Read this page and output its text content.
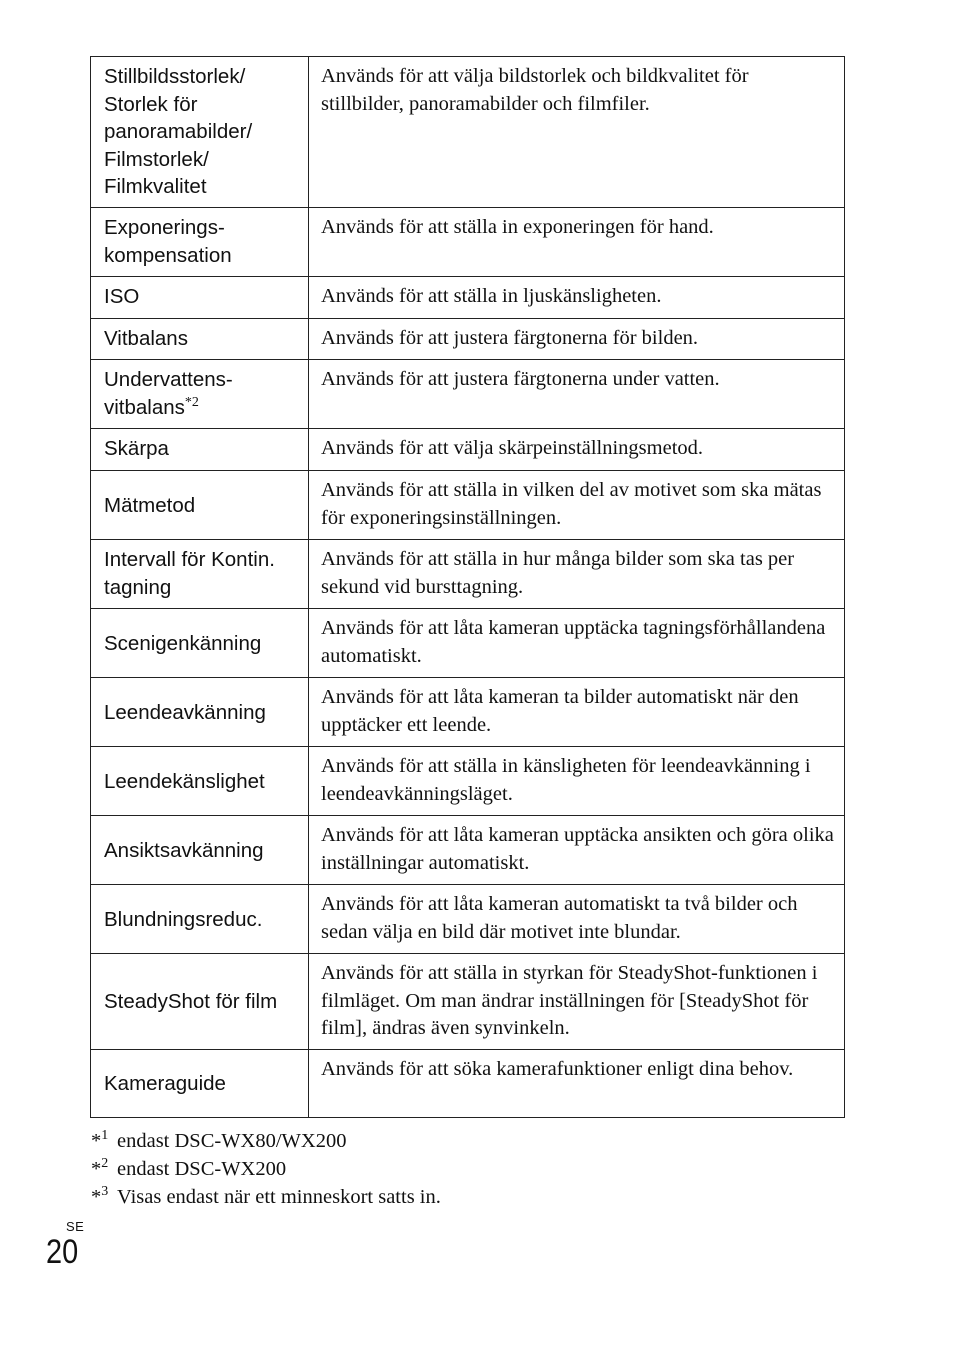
Stillbildsstorlek/
Storlek för
panoramabilder/
Filmstorlek/
Filmkvalitet	Används för att välja bildstorlek och bildkvalitet för stillbilder, panoramabilder och filmfiler.
Exponerings-
kompensation	Används för att ställa in exponeringen för hand.
ISO	Används för att ställa in ljuskänsligheten.
Vitbalans	Används för att justera färgtonerna för bilden.
Undervattens-
vitbalans$^{*2}$	Används för att justera färgtonerna under vatten.
Skärpa	Används för att välja skärpeinställningsmetod.
Mätmetod	Används för att ställa in vilken del av motivet som ska mätas för exponeringsinställningen.
Intervall för Kontin.
tagning	Används för att ställa in hur många bilder som ska tas per sekund vid bursttagning.
Scenigenkänning	Används för att låta kameran upptäcka tagningsförhållandena automatiskt.
Leendeavkänning	Används för att låta kameran ta bilder automatiskt när den upptäcker ett leende.
Leendekänslighet	Används för att ställa in känsligheten för leendeavkänning i leendeavkänningsläget.
Ansiktsavkänning	Används för att låta kameran upptäcka ansikten och göra olika inställningar automatiskt.
Blundningsreduc.	Används för att låta kameran automatiskt ta två bilder och sedan välja en bild där motivet inte blundar.
SteadyShot för film	Används för att ställa in styrkan för SteadyShot-funktionen i filmläget. Om man ändrar inställningen för [SteadyShot för film], ändras även synvinkeln.
Kameraguide	Används för att söka kamerafunktioner enligt dina behov.
*$^1$ endast DSC-WX80/WX200
*$^2$ endast DSC-WX200
*$^3$ Visas endast när ett minneskort satts in.
SE
20
